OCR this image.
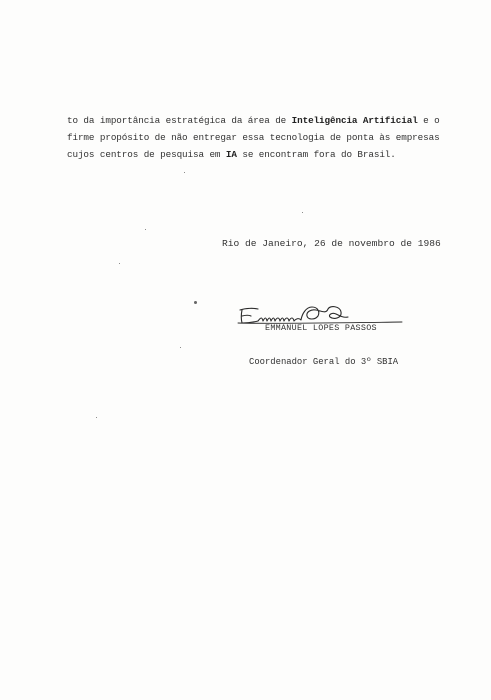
to da importância estratégica da área de Inteligência Artificial e o
firme propósito de não entregar essa tecnologia de ponta às empresas
cujos centros de pesquisa em IA se encontram fora do Brasil.
Rio de Janeiro, 26 de novembro de 1986
EMMANUEL LOPES PASSOS
Coordenador Geral do 3º SBIA
